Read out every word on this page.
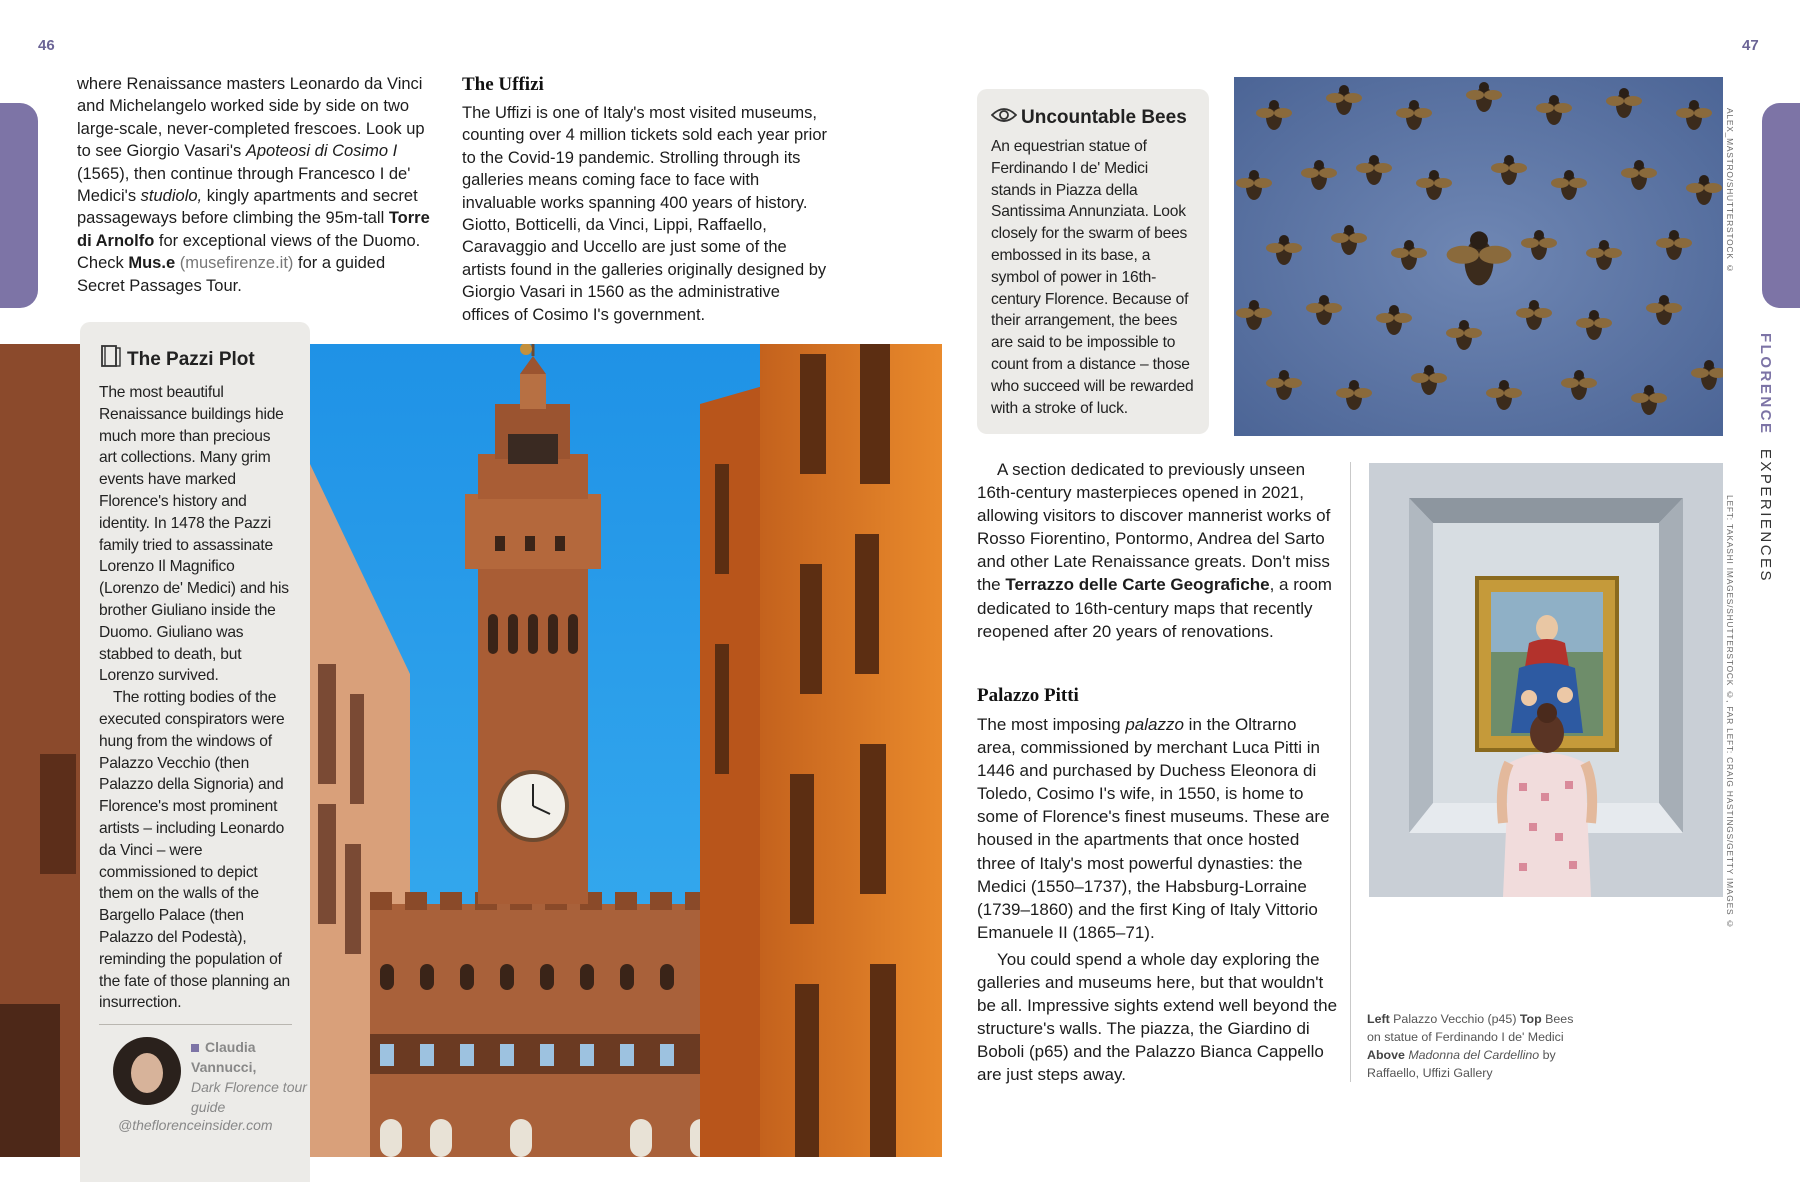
46	47
where Renaissance masters Leonardo da Vinci and Michelangelo worked side by side on two large-scale, never-completed frescoes. Look up to see Giorgio Vasari's Apoteosi di Cosimo I (1565), then continue through Francesco I de' Medici's studiolo, kingly apartments and secret passageways before climbing the 95m-tall Torre di Arnolfo for exceptional views of the Duomo. Check Mus.e (musefirenze.it) for a guided Secret Passages Tour.
The Uffizi
The Uffizi is one of Italy's most visited museums, counting over 4 million tickets sold each year prior to the Covid-19 pandemic. Strolling through its galleries means coming face to face with invaluable works spanning 400 years of history. Giotto, Botticelli, da Vinci, Lippi, Raffaello, Caravaggio and Uccello are just some of the artists found in the galleries originally designed by Giorgio Vasari in 1560 as the administrative offices of Cosimo I's government.
The Pazzi Plot

The most beautiful Renaissance buildings hide much more than precious art collections. Many grim events have marked Florence's history and identity. In 1478 the Pazzi family tried to assassinate Lorenzo Il Magnifico (Lorenzo de' Medici) and his brother Giuliano inside the Duomo. Giuliano was stabbed to death, but Lorenzo survived.

The rotting bodies of the executed conspirators were hung from the windows of Palazzo Vecchio (then Palazzo della Signoria) and Florence's most prominent artists – including Leonardo da Vinci – were commissioned to depict them on the walls of the Bargello Palace (then Palazzo del Podestà), reminding the population of the fate of those planning an insurrection.

Claudia Vannucci,
Dark Florence tour guide
@theflorenceinsider.com
Uncountable Bees
An equestrian statue of Ferdinando I de' Medici stands in Piazza della Santissima Annunziata. Look closely for the swarm of bees embossed in its base, a symbol of power in 16th-century Florence. Because of their arrangement, the bees are said to be impossible to count from a distance – those who succeed will be rewarded with a stroke of luck.
ALEX_MASTRO/SHUTTERSTOCK ©
LEFT: TAKASHI IMAGES/SHUTTERSTOCK ©, FAR LEFT: CRAIG HASTINGS/GETTY IMAGES ©
FLORENCE  EXPERIENCES

A section dedicated to previously unseen 16th-century masterpieces opened in 2021, allowing visitors to discover mannerist works of Rosso Fiorentino, Pontormo, Andrea del Sarto and other Late Renaissance greats. Don't miss the Terrazzo delle Carte Geografiche, a room dedicated to 16th-century maps that recently reopened after 20 years of renovations.

Palazzo Pitti

The most imposing palazzo in the Oltrarno area, commissioned by merchant Luca Pitti in 1446 and purchased by Duchess Eleonora di Toledo, Cosimo I's wife, in 1550, is home to some of Florence's finest museums. These are housed in the apartments that once hosted three of Italy's most powerful dynasties: the Medici (1550–1737), the Habsburg-Lorraine (1739–1860) and the first King of Italy Vittorio Emanuele II (1865–71).

You could spend a whole day exploring the galleries and museums here, but that wouldn't be all. Impressive sights extend well beyond the structure's walls. The piazza, the Giardino di Boboli (p65) and the Palazzo Bianca Cappello are just steps away.

Left Palazzo Vecchio (p45) Top Bees on statue of Ferdinando I de' Medici
Above Madonna del Cardellino by Raffaello, Uffizi Gallery
